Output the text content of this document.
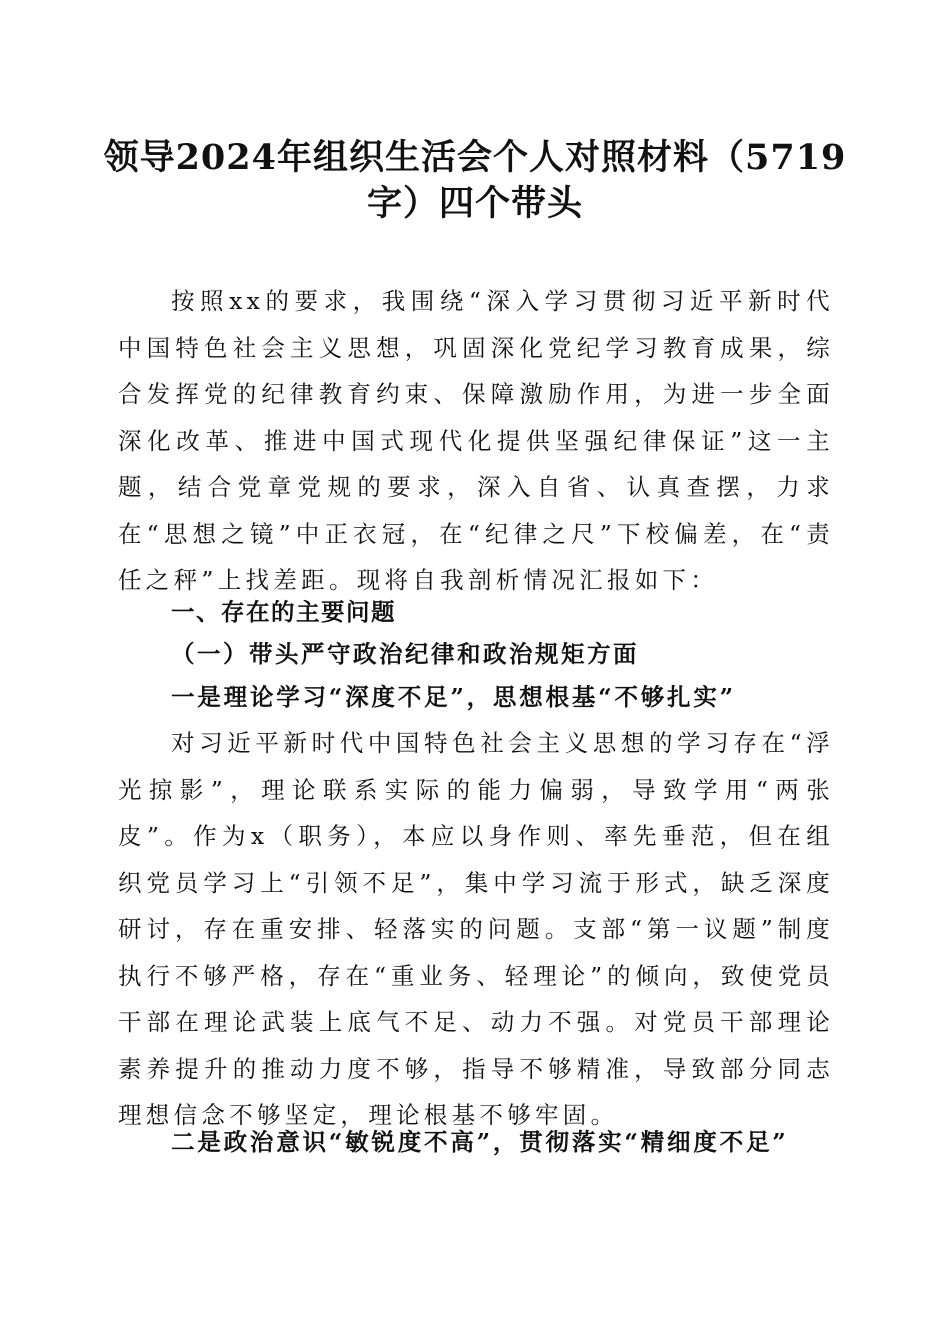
领导2024年组织生活会个人对照材料（5719字）四个带头

按照xx的要求，我围绕“深入学习贯彻习近平新时代中国特色社会主义思想，巩固深化党纪学习教育成果，综合发挥党的纪律教育约束、保障激励作用，为进一步全面深化改革、推进中国式现代化提供坚强纪律保证”这一主题，结合党章党规的要求，深入自省、认真查摆，力求在“思想之镜”中正衣冠，在“纪律之尺”下校偏差，在“责任之秤”上找差距。现将自我剖析情况汇报如下：

一、存在的主要问题
（一）带头严守政治纪律和政治规矩方面
一是理论学习“深度不足”，思想根基“不够扎实”

对习近平新时代中国特色社会主义思想的学习存在“浮光掠影”，理论联系实际的能力偏弱，导致学用“两张皮”。作为x（职务），本应以身作则、率先垂范，但在组织党员学习上“引领不足”，集中学习流于形式，缺乏深度研讨，存在重安排、轻落实的问题。支部“第一议题”制度执行不够严格，存在“重业务、轻理论”的倾向，致使党员干部在理论武装上底气不足、动力不强。对党员干部理论素养提升的推动力度不够，指导不够精准，导致部分同志理想信念不够坚定，理论根基不够牢固。

二是政治意识“敏锐度不高”，贯彻落实“精细度不足”
